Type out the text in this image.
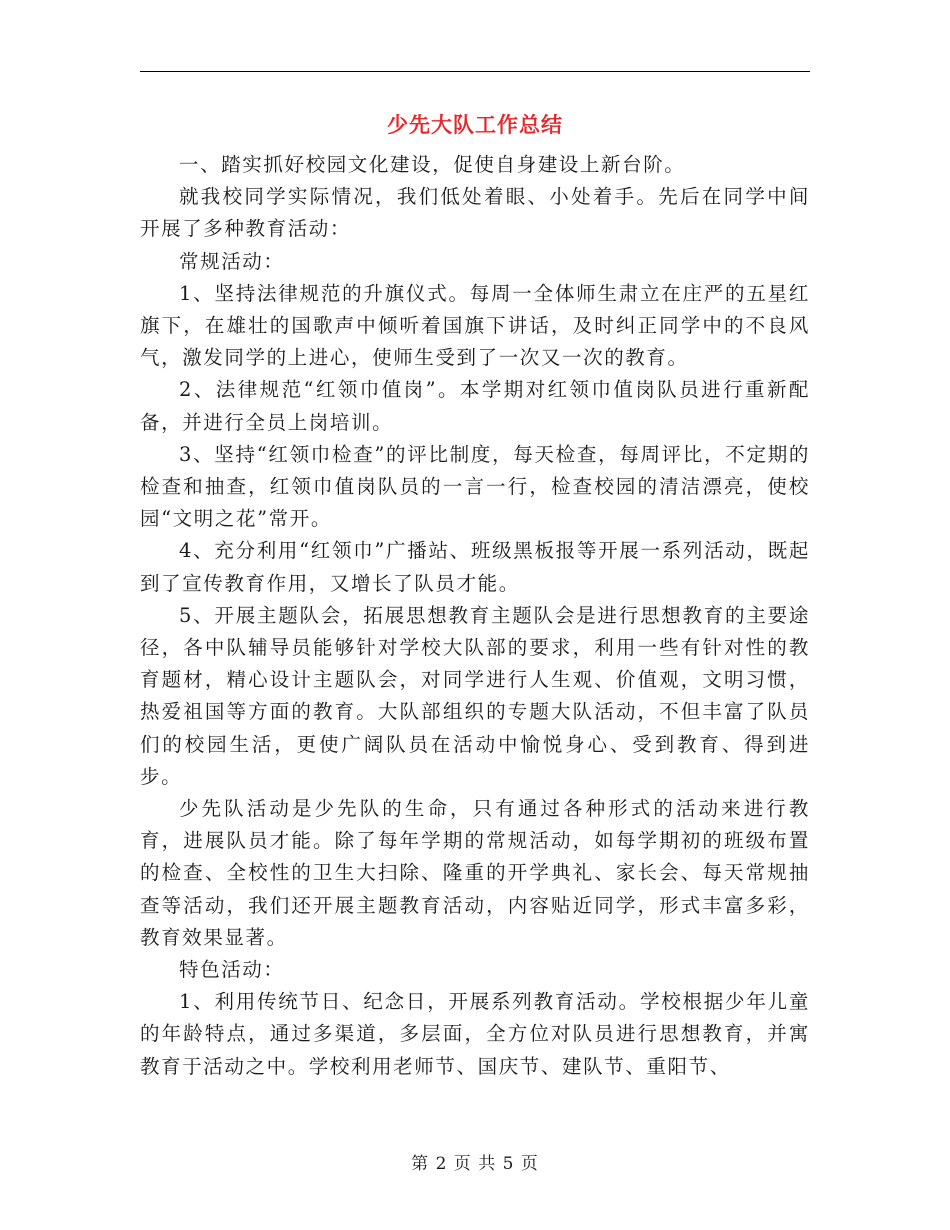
少先大队工作总结

一、踏实抓好校园文化建设，促使自身建设上新台阶。

就我校同学实际情况，我们低处着眼、小处着手。先后在同学中间开展了多种教育活动：

常规活动：

1、坚持法律规范的升旗仪式。每周一全体师生肃立在庄严的五星红旗下，在雄壮的国歌声中倾听着国旗下讲话，及时纠正同学中的不良风气，激发同学的上进心，使师生受到了一次又一次的教育。

2、法律规范“红领巾值岗”。本学期对红领巾值岗队员进行重新配备，并进行全员上岗培训。

3、坚持“红领巾检查”的评比制度，每天检查，每周评比，不定期的检查和抽查，红领巾值岗队员的一言一行，检查校园的清洁漂亮，使校园“文明之花”常开。

4、充分利用“红领巾”广播站、班级黑板报等开展一系列活动，既起到了宣传教育作用，又增长了队员才能。

5、开展主题队会，拓展思想教育主题队会是进行思想教育的主要途径，各中队辅导员能够针对学校大队部的要求，利用一些有针对性的教育题材，精心设计主题队会，对同学进行人生观、价值观，文明习惯，热爱祖国等方面的教育。大队部组织的专题大队活动，不但丰富了队员们的校园生活，更使广阔队员在活动中愉悦身心、受到教育、得到进步。

少先队活动是少先队的生命，只有通过各种形式的活动来进行教育，进展队员才能。除了每年学期的常规活动，如每学期初的班级布置的检查、全校性的卫生大扫除、隆重的开学典礼、家长会、每天常规抽查等活动，我们还开展主题教育活动，内容贴近同学，形式丰富多彩，教育效果显著。

特色活动：

1、利用传统节日、纪念日，开展系列教育活动。学校根据少年儿童的年龄特点，通过多渠道，多层面，全方位对队员进行思想教育，并寓教育于活动之中。学校利用老师节、国庆节、建队节、重阳节、

第 2 页 共 5 页
